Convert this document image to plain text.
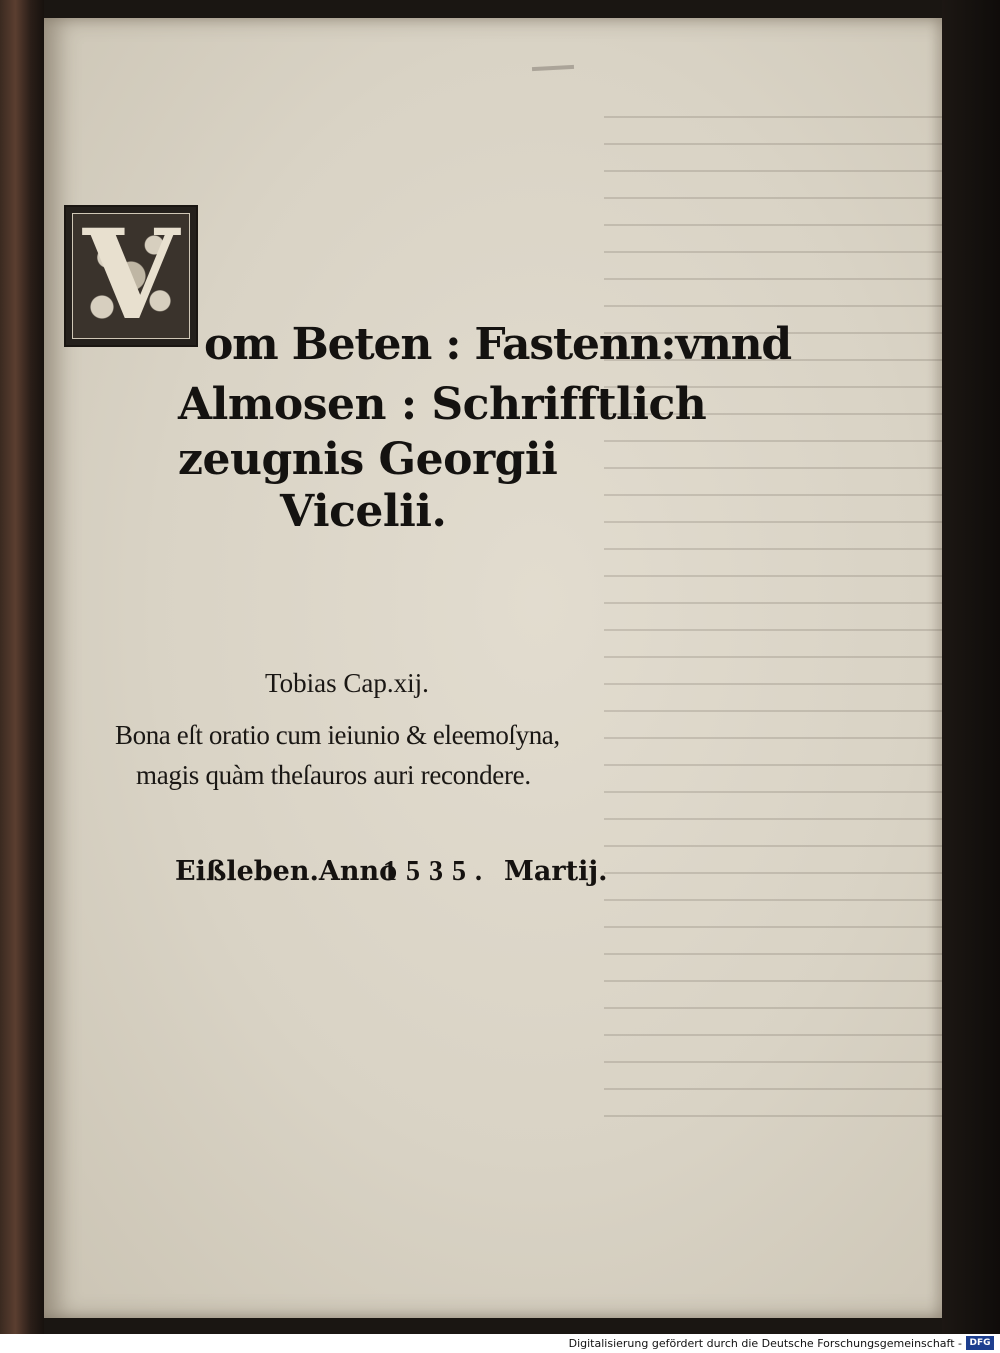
V om Beten : Fastenn:vnnd
Almosen : Schrifftlich
zeugnis Georgii
Vicelii.
Tobias Cap.xij.
Bona eſt oratio cum ieiunio & eleemoſyna,
magis quàm theſauros auri recondere.
Eißleben.Anno
1535. Martij.
Digitalisierung gefördert durch die Deutsche Forschungsgemeinschaft - DFG
